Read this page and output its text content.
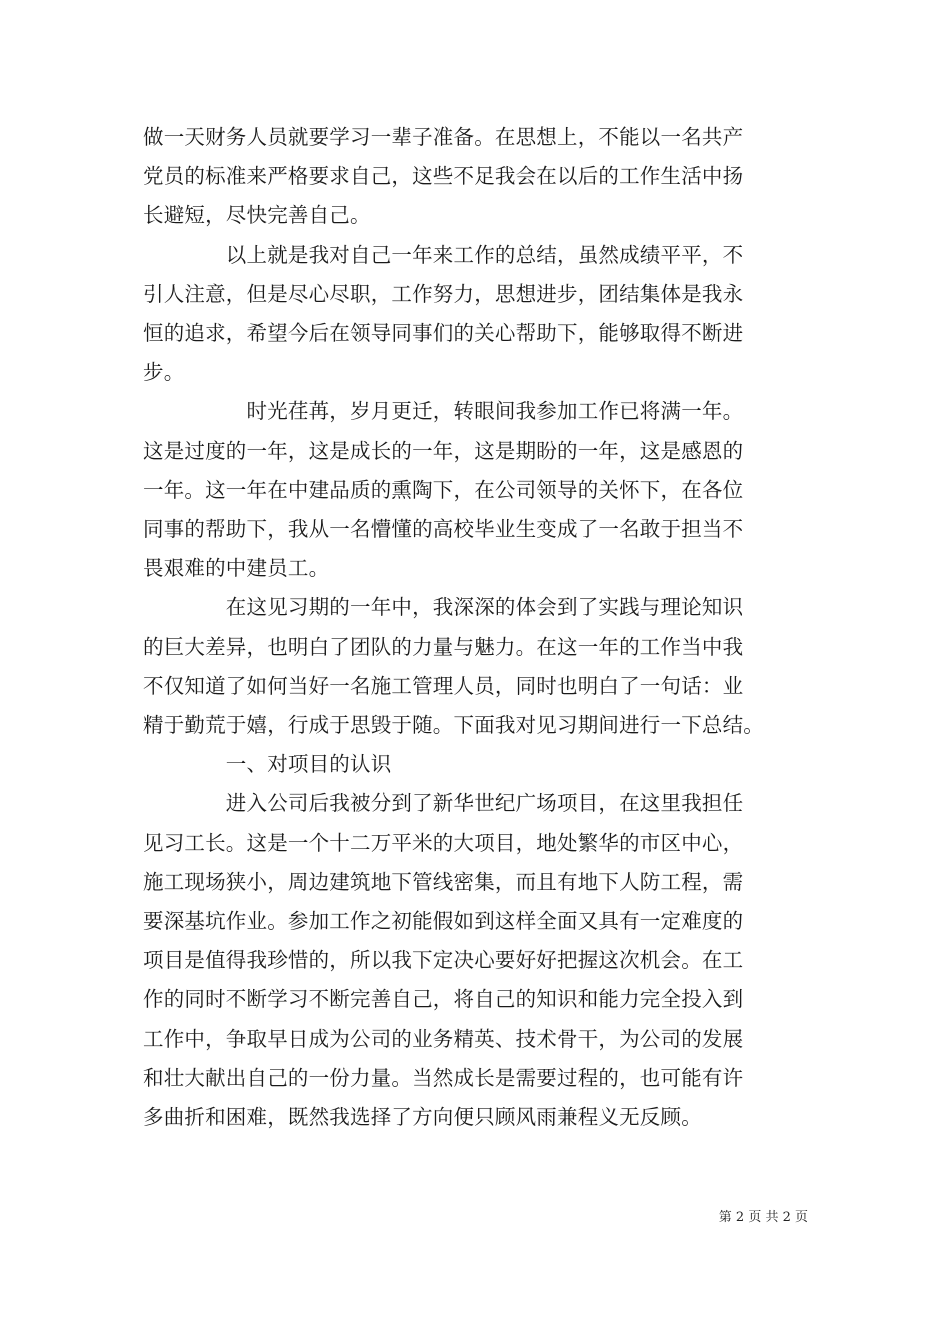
做一天财务人员就要学习一辈子准备。在思想上，不能以一名共产
党员的标准来严格要求自己，这些不足我会在以后的工作生活中扬
长避短，尽快完善自己。
　　　　以上就是我对自己一年来工作的总结，虽然成绩平平，不
引人注意，但是尽心尽职，工作努力，思想进步，团结集体是我永
恒的追求，希望今后在领导同事们的关心帮助下，能够取得不断进
步。
　　　　　时光荏苒，岁月更迁，转眼间我参加工作已将满一年。
这是过度的一年，这是成长的一年，这是期盼的一年，这是感恩的
一年。这一年在中建品质的熏陶下，在公司领导的关怀下，在各位
同事的帮助下，我从一名懵懂的高校毕业生变成了一名敢于担当不
畏艰难的中建员工。
　　　　在这见习期的一年中，我深深的体会到了实践与理论知识
的巨大差异，也明白了团队的力量与魅力。在这一年的工作当中我
不仅知道了如何当好一名施工管理人员，同时也明白了一句话：业
精于勤荒于嬉，行成于思毁于随。下面我对见习期间进行一下总结。
　　　　一、对项目的认识
　　　　进入公司后我被分到了新华世纪广场项目，在这里我担任
见习工长。这是一个十二万平米的大项目，地处繁华的市区中心，
施工现场狭小，周边建筑地下管线密集，而且有地下人防工程，需
要深基坑作业。参加工作之初能假如到这样全面又具有一定难度的
项目是值得我珍惜的，所以我下定决心要好好把握这次机会。在工
作的同时不断学习不断完善自己，将自己的知识和能力完全投入到
工作中，争取早日成为公司的业务精英、技术骨干，为公司的发展
和壮大献出自己的一份力量。当然成长是需要过程的，也可能有许
多曲折和困难，既然我选择了方向便只顾风雨兼程义无反顾。
第 2 页 共 2 页
